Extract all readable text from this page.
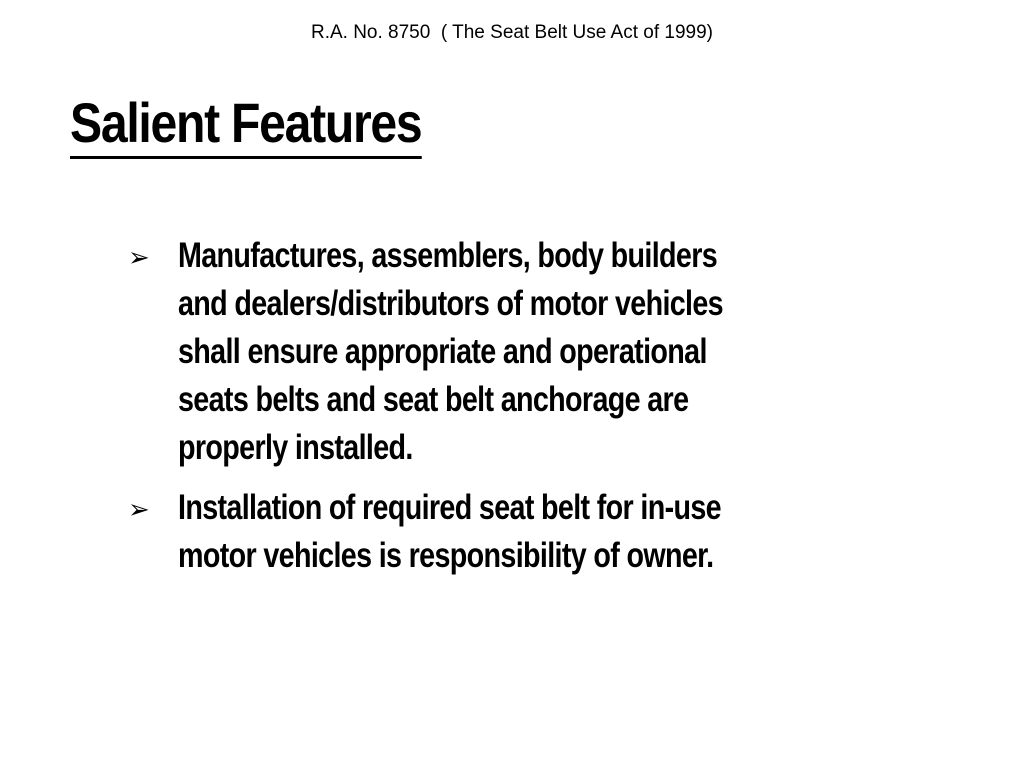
R.A. No. 8750  ( The Seat Belt Use Act of 1999)
Salient Features
➢ Manufactures, assemblers, body builders
and dealers/distributors of motor vehicles
shall ensure appropriate and operational
seats belts and seat belt anchorage are
properly installed.
➢ Installation of required seat belt for in-use
motor vehicles is responsibility of owner.
